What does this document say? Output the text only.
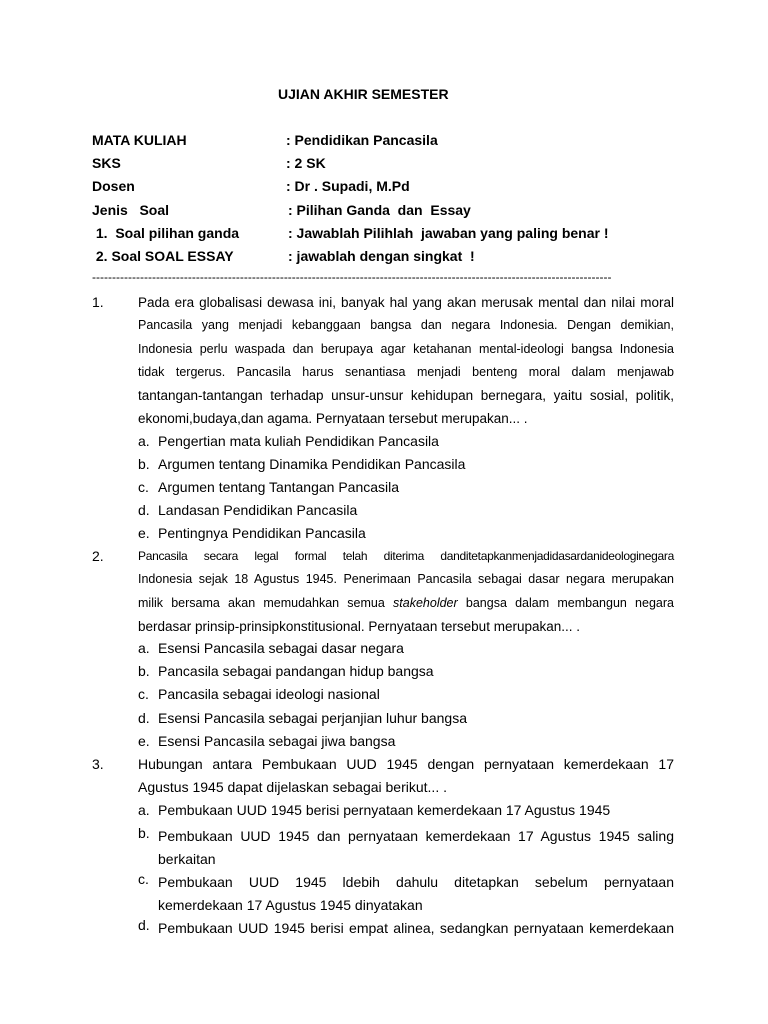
UJIAN AKHIR SEMESTER
MATA KULIAH	: Pendidikan Pancasila
SKS	: 2 SK
Dosen	: Dr . Supadi, M.Pd
Jenis   Soal	: Pilihan Ganda  dan  Essay
1.  Soal pilihan ganda	: Jawablah Pilihlah  jawaban yang paling benar !
2. Soal SOAL ESSAY	: jawablah dengan singkat  !
----------------------------------------------------------------------------------------------------------------------------------
1.	Pada era globalisasi dewasa ini, banyak hal yang akan merusak mental dan nilai moral
Pancasila yang menjadi kebanggaan bangsa dan negara Indonesia. Dengan demikian,
Indonesia perlu waspada dan berupaya agar ketahanan mental-ideologi bangsa Indonesia
tidak tergerus. Pancasila harus senantiasa menjadi benteng moral dalam menjawab
tantangan-tantangan terhadap unsur-unsur kehidupan bernegara, yaitu sosial, politik,
ekonomi,budaya,dan agama. Pernyataan tersebut merupakan... .
a. Pengertian mata kuliah Pendidikan Pancasila
b. Argumen tentang Dinamika Pendidikan Pancasila
c. Argumen tentang Tantangan Pancasila
d. Landasan Pendidikan Pancasila
e. Pentingnya Pendidikan Pancasila
2.	Pancasila secara legal formal telah diterima danditetapkanmenjadidasardanideologinegara
Indonesia sejak 18 Agustus 1945. Penerimaan Pancasila sebagai dasar negara merupakan
milik bersama akan memudahkan semua stakeholder bangsa dalam membangun negara
berdasar prinsip-prinsipkonstitusional. Pernyataan tersebut merupakan... .
a. Esensi Pancasila sebagai dasar negara
b. Pancasila sebagai pandangan hidup bangsa
c. Pancasila sebagai ideologi nasional
d. Esensi Pancasila sebagai perjanjian luhur bangsa
e. Esensi Pancasila sebagai jiwa bangsa
3. Hubungan antara Pembukaan UUD 1945 dengan pernyataan kemerdekaan 17
Agustus 1945 dapat dijelaskan sebagai berikut... .
a. Pembukaan UUD 1945 berisi pernyataan kemerdekaan 17 Agustus 1945
b. Pembukaan UUD 1945 dan pernyataan kemerdekaan 17 Agustus 1945 saling
berkaitan
c. Pembukaan   UUD   1945   ldebih   dahulu   ditetapkan   sebelum   pernyataan
kemerdekaan 17 Agustus 1945 dinyatakan
d. Pembukaan UUD 1945 berisi empat alinea, sedangkan pernyataan kemerdekaan
